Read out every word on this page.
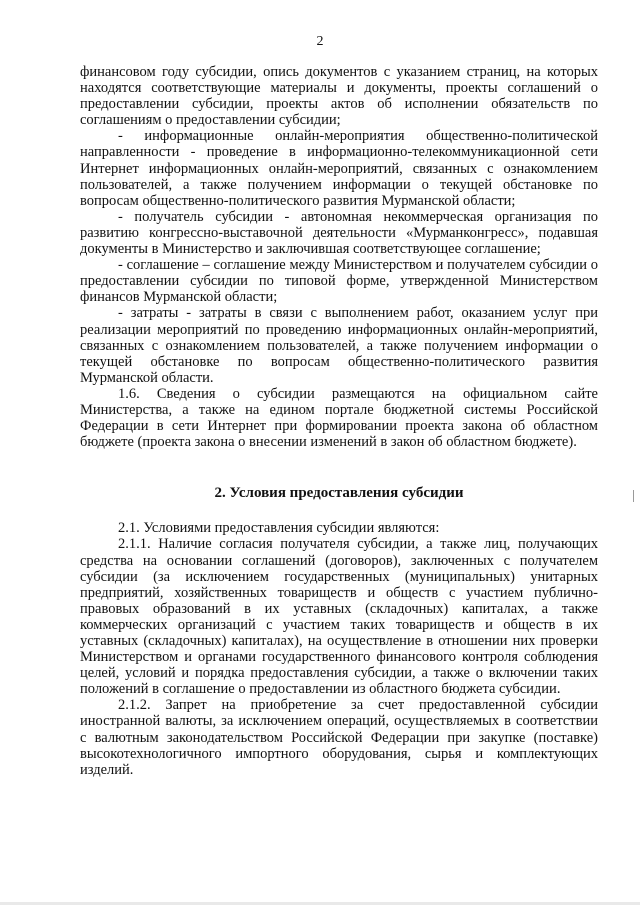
2

финансовом году субсидии, опись документов с указанием страниц, на которых находятся соответствующие материалы и документы, проекты соглашений о предоставлении субсидии, проекты актов об исполнении обязательств по соглашениям о предоставлении субсидии;

- информационные онлайн-мероприятия общественно-политической направленности - проведение в информационно-телекоммуникационной сети Интернет информационных онлайн-мероприятий, связанных с ознакомлением пользователей, а также получением информации о текущей обстановке по вопросам общественно-политического развития Мурманской области;

- получатель субсидии - автономная некоммерческая организация по развитию конгрессно-выставочной деятельности «Мурманконгресс», подавшая документы в Министерство и заключившая соответствующее соглашение;

- соглашение – соглашение между Министерством и получателем субсидии о предоставлении субсидии по типовой форме, утвержденной Министерством финансов Мурманской области;

- затраты - затраты в связи с выполнением работ, оказанием услуг при реализации мероприятий по проведению информационных онлайн-мероприятий, связанных с ознакомлением пользователей, а также получением информации о текущей обстановке по вопросам общественно-политического развития Мурманской области.

1.6. Сведения о субсидии размещаются на официальном сайте Министерства, а также на едином портале бюджетной системы Российской Федерации в сети Интернет при формировании проекта закона об областном бюджете (проекта закона о внесении изменений в закон об областном бюджете).

2. Условия предоставления субсидии

2.1. Условиями предоставления субсидии являются:

2.1.1. Наличие согласия получателя субсидии, а также лиц, получающих средства на основании соглашений (договоров), заключенных с получателем субсидии (за исключением государственных (муниципальных) унитарных предприятий, хозяйственных товариществ и обществ с участием публично-правовых образований в их уставных (складочных) капиталах, а также коммерческих организаций с участием таких товариществ и обществ в их уставных (складочных) капиталах), на осуществление в отношении них проверки Министерством и органами государственного финансового контроля соблюдения целей, условий и порядка предоставления субсидии, а также о включении таких положений в соглашение о предоставлении из областного бюджета субсидии.

2.1.2. Запрет на приобретение за счет предоставленной субсидии иностранной валюты, за исключением операций, осуществляемых в соответствии с валютным законодательством Российской Федерации при закупке (поставке) высокотехнологичного импортного оборудования, сырья и комплектующих изделий.
